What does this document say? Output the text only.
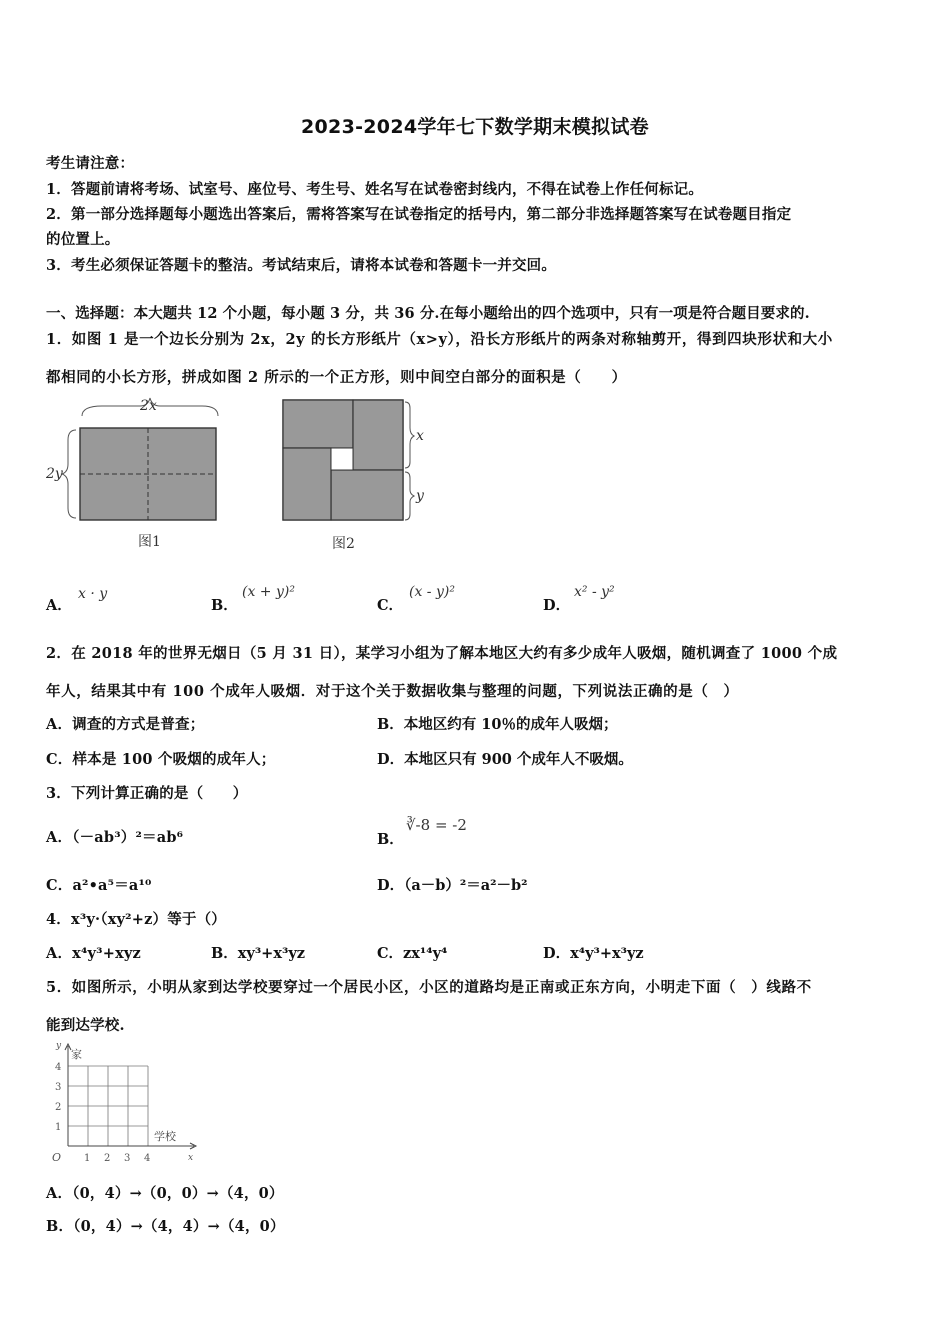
2023-2024学年七下数学期末模拟试卷
考生请注意：
1．答题前请将考场、试室号、座位号、考生号、姓名写在试卷密封线内，不得在试卷上作任何标记。
2．第一部分选择题每小题选出答案后，需将答案写在试卷指定的括号内，第二部分非选择题答案写在试卷题目指定
的位置上。
3．考生必须保证答题卡的整洁。考试结束后，请将本试卷和答题卡一并交回。
一、选择题：本大题共 12 个小题，每小题 3 分，共 36 分.在每小题给出的四个选项中，只有一项是符合题目要求的.
1．如图 1 是一个边长分别为 2x，2y 的长方形纸片（x>y），沿长方形纸片的两条对称轴剪开，得到四块形状和大小
都相同的小长方形，拼成如图 2 所示的一个正方形，则中间空白部分的面积是（　　）
2x
2y
图1
x
y
图2
A．
x · y
B．
(x + y)²
C．
(x - y)²
D．
x² - y²
2．在 2018 年的世界无烟日（5 月 31 日），某学习小组为了解本地区大约有多少成年人吸烟，随机调查了 1000 个成
年人，结果其中有 100 个成年人吸烟．对于这个关于数据收集与整理的问题，下列说法正确的是（　）
A．调查的方式是普查；	B．本地区约有 10％的成年人吸烟；
C．样本是 100 个吸烟的成年人；	D．本地区只有 900 个成年人不吸烟。
3．下列计算正确的是（　　）
A．（－ab³）²＝ab⁶	B．
∛-8 = -2
C．a²•a⁵＝a¹⁰	D．（a－b）²＝a²－b²
4．x³y·（xy²+z）等于（）
A．x⁴y³+xyz	B．xy³+x³yz	C．zx¹⁴y⁴	D．x⁴y³+x³yz
5．如图所示，小明从家到达学校要穿过一个居民小区，小区的道路均是正南或正东方向，小明走下面（　）线路不
能到达学校.
y
x
O 1 2 3 4
1
2
3
4
家
学校
A．（0，4）→（0，0）→（4，0）
B．（0，4）→（4，4）→（4，0）
